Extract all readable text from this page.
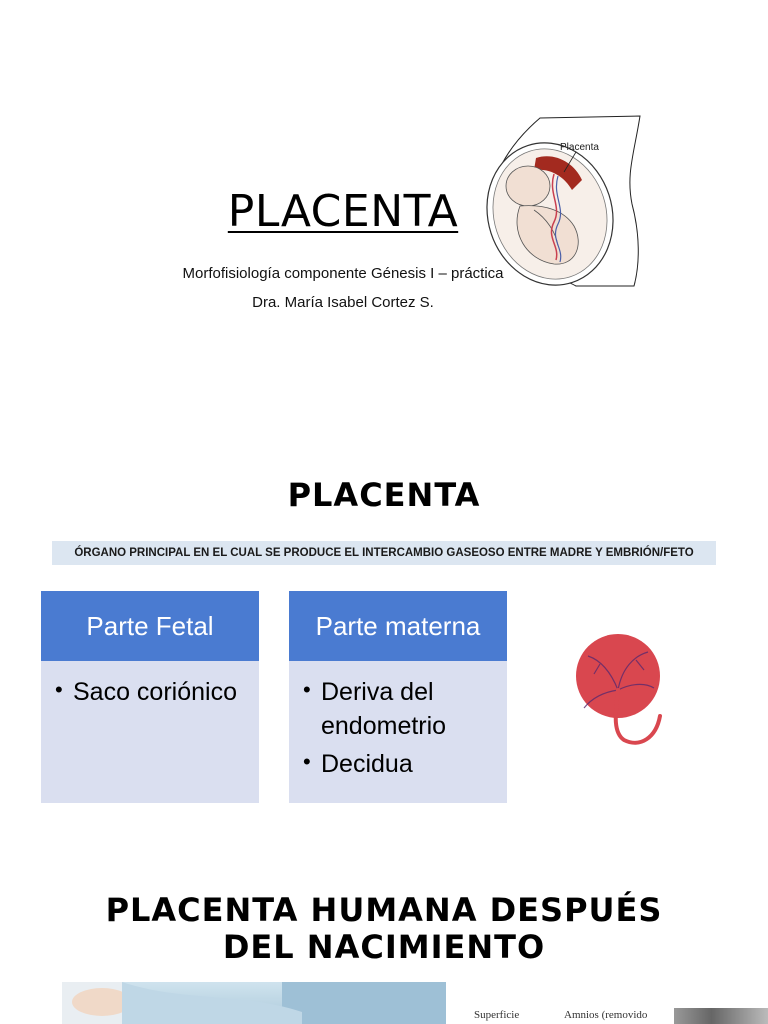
PLACENTA
Morfofisiología componente Génesis I – práctica
Dra. María Isabel Cortez S.
Placenta
PLACENTA
ÓRGANO PRINCIPAL EN EL CUAL SE PRODUCE EL INTERCAMBIO GASEOSO ENTRE MADRE Y EMBRIÓN/FETO
Parte Fetal
• Saco coriónico
Parte materna
• Deriva del endometrio
• Decidua
PLACENTA HUMANA DESPUÉS
DEL NACIMIENTO
Superficie	Amnios (removido
